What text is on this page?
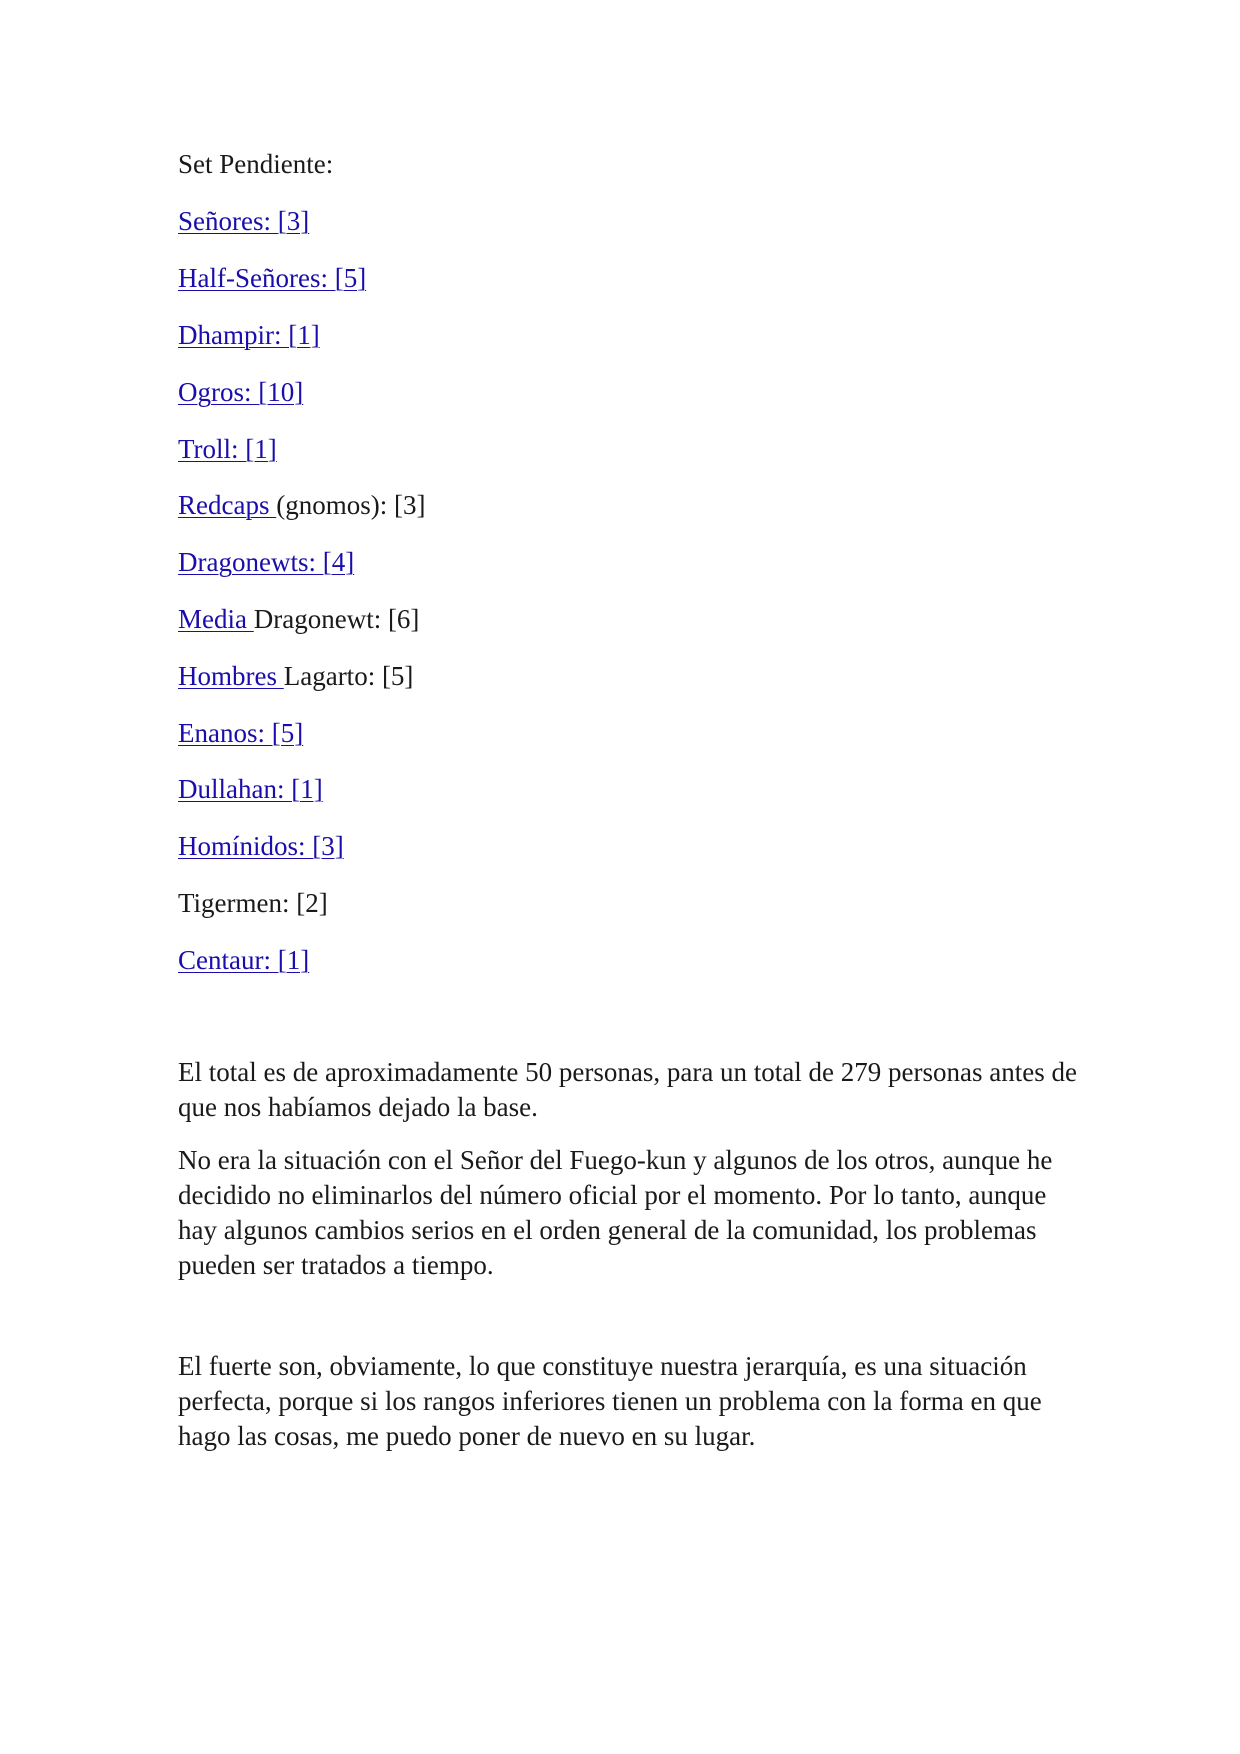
Set Pendiente:
Señores: [3]
Half-Señores: [5]
Dhampir: [1]
Ogros: [10]
Troll: [1]
Redcaps (gnomos): [3]
Dragonewts: [4]
Media Dragonewt: [6]
Hombres Lagarto: [5]
Enanos: [5]
Dullahan: [1]
Homínidos: [3]
Tigermen: [2]
Centaur: [1]

El total es de aproximadamente 50 personas, para un total de 279 personas antes de que nos habíamos dejado la base.

No era la situación con el Señor del Fuego-kun y algunos de los otros, aunque he decidido no eliminarlos del número oficial por el momento. Por lo tanto, aunque hay algunos cambios serios en el orden general de la comunidad, los problemas pueden ser tratados a tiempo.

El fuerte son, obviamente, lo que constituye nuestra jerarquía, es una situación perfecta, porque si los rangos inferiores tienen un problema con la forma en que hago las cosas, me puedo poner de nuevo en su lugar.
